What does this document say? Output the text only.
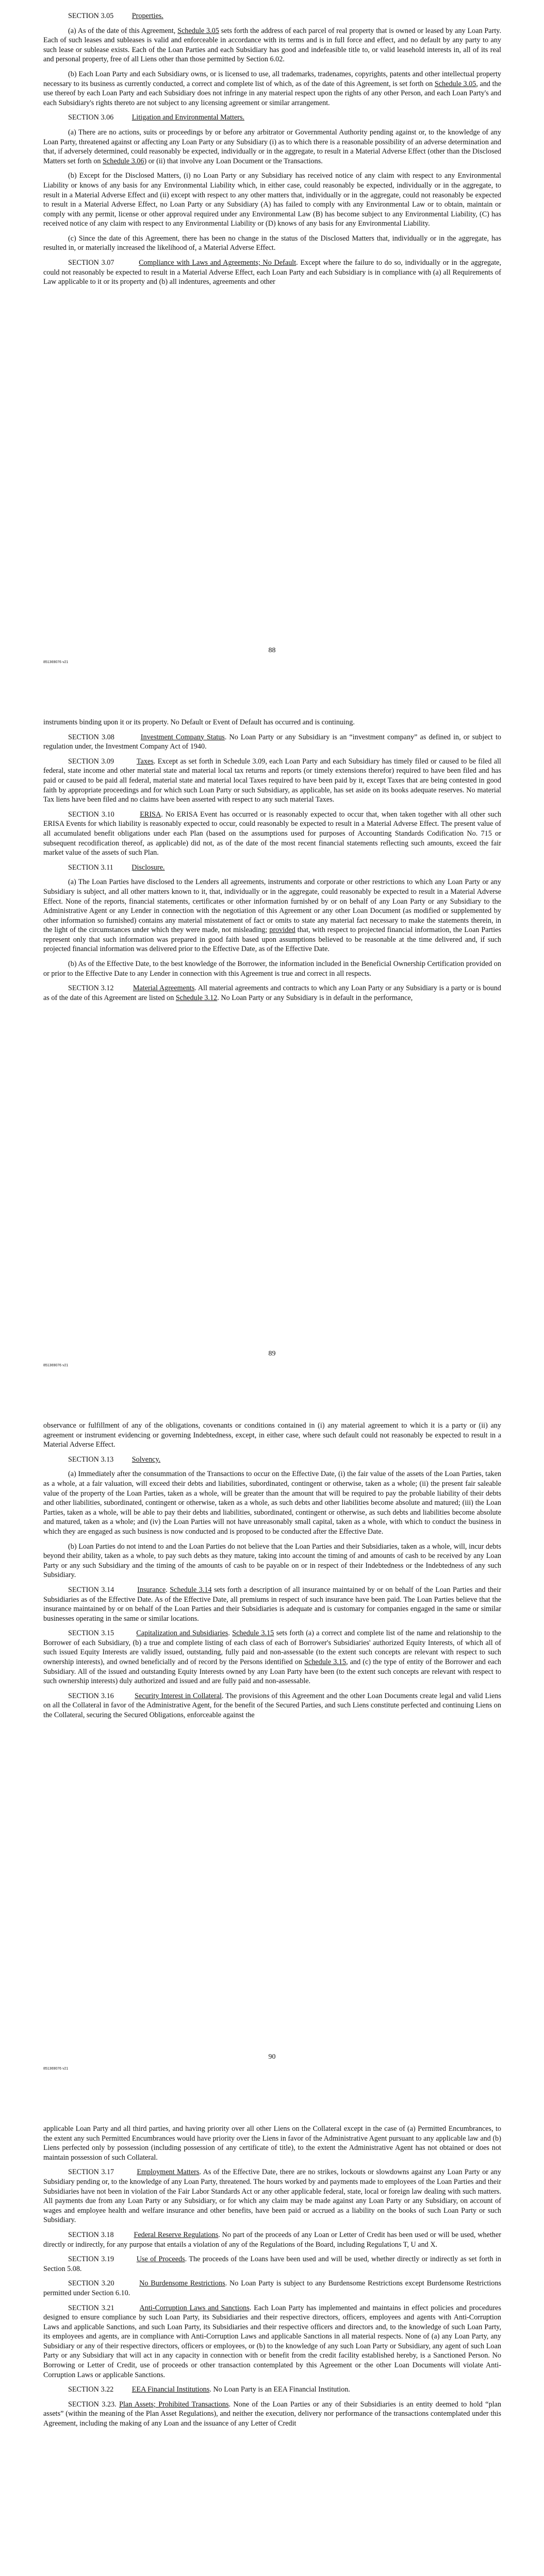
SECTION 3.05 Properties.

(a) As of the date of this Agreement, Schedule 3.05 sets forth the address of each parcel of real property that is owned or leased by any Loan Party. Each of such leases and subleases is valid and enforceable in accordance with its terms and is in full force and effect, and no default by any party to any such lease or sublease exists. Each of the Loan Parties and each Subsidiary has good and indefeasible title to, or valid leasehold interests in, all of its real and personal property, free of all Liens other than those permitted by Section 6.02.

(b) Each Loan Party and each Subsidiary owns, or is licensed to use, all trademarks, tradenames, copyrights, patents and other intellectual property necessary to its business as currently conducted, a correct and complete list of which, as of the date of this Agreement, is set forth on Schedule 3.05, and the use thereof by each Loan Party and each Subsidiary does not infringe in any material respect upon the rights of any other Person, and each Loan Party's and each Subsidiary's rights thereto are not subject to any licensing agreement or similar arrangement.

SECTION 3.06 Litigation and Environmental Matters.

(a) There are no actions, suits or proceedings by or before any arbitrator or Governmental Authority pending against or, to the knowledge of any Loan Party, threatened against or affecting any Loan Party or any Subsidiary (i) as to which there is a reasonable possibility of an adverse determination and that, if adversely determined, could reasonably be expected, individually or in the aggregate, to result in a Material Adverse Effect (other than the Disclosed Matters set forth on Schedule 3.06) or (ii) that involve any Loan Document or the Transactions.

(b) Except for the Disclosed Matters, (i) no Loan Party or any Subsidiary has received notice of any claim with respect to any Environmental Liability or knows of any basis for any Environmental Liability which, in either case, could reasonably be expected, individually or in the aggregate, to result in a Material Adverse Effect and (ii) except with respect to any other matters that, individually or in the aggregate, could not reasonably be expected to result in a Material Adverse Effect, no Loan Party or any Subsidiary (A) has failed to comply with any Environmental Law or to obtain, maintain or comply with any permit, license or other approval required under any Environmental Law (B) has become subject to any Environmental Liability, (C) has received notice of any claim with respect to any Environmental Liability or (D) knows of any basis for any Environmental Liability.

(c) Since the date of this Agreement, there has been no change in the status of the Disclosed Matters that, individually or in the aggregate, has resulted in, or materially increased the likelihood of, a Material Adverse Effect.

SECTION 3.07	Compliance with Laws and Agreements; No Default. Except where the failure to do so, individually or in the aggregate, could not reasonably be expected to result in a Material Adverse Effect, each Loan Party and each Subsidiary is in compliance with (a) all Requirements of Law applicable to it or its property and (b) all indentures, agreements and other

88
851369076 v21

instruments binding upon it or its property. No Default or Event of Default has occurred and is continuing.

SECTION 3.08	Investment Company Status. No Loan Party or any Subsidiary is an “investment company” as defined in, or subject to regulation under, the Investment Company Act of 1940.

SECTION 3.09	Taxes. Except as set forth in Schedule 3.09, each Loan Party and each Subsidiary has timely filed or caused to be filed all federal, state income and other material state and material local tax returns and reports (or timely extensions therefor) required to have been filed and has paid or caused to be paid all federal, material state and material local Taxes required to have been paid by it, except Taxes that are being contested in good faith by appropriate proceedings and for which such Loan Party or such Subsidiary, as applicable, has set aside on its books adequate reserves. No material Tax liens have been filed and no claims have been asserted with respect to any such material Taxes.

SECTION 3.10	ERISA. No ERISA Event has occurred or is reasonably expected to occur that, when taken together with all other such ERISA Events for which liability is reasonably expected to occur, could reasonably be expected to result in a Material Adverse Effect. The present value of all accumulated benefit obligations under each Plan (based on the assumptions used for purposes of Accounting Standards Codification No. 715 or subsequent recodification thereof, as applicable) did not, as of the date of the most recent financial statements reflecting such amounts, exceed the fair market value of the assets of such Plan.

SECTION 3.11 Disclosure.

(a) The Loan Parties have disclosed to the Lenders all agreements, instruments and corporate or other restrictions to which any Loan Party or any Subsidiary is subject, and all other matters known to it, that, individually or in the aggregate, could reasonably be expected to result in a Material Adverse Effect. None of the reports, financial statements, certificates or other information furnished by or on behalf of any Loan Party or any Subsidiary to the Administrative Agent or any Lender in connection with the negotiation of this Agreement or any other Loan Document (as modified or supplemented by other information so furnished) contains any material misstatement of fact or omits to state any material fact necessary to make the statements therein, in the light of the circumstances under which they were made, not misleading; provided that, with respect to projected financial information, the Loan Parties represent only that such information was prepared in good faith based upon assumptions believed to be reasonable at the time delivered and, if such projected financial information was delivered prior to the Effective Date, as of the Effective Date.

(b) As of the Effective Date, to the best knowledge of the Borrower, the information included in the Beneficial Ownership Certification provided on or prior to the Effective Date to any Lender in connection with this Agreement is true and correct in all respects.

SECTION 3.12	Material Agreements. All material agreements and contracts to which any Loan Party or any Subsidiary is a party or is bound as of the date of this Agreement are listed on Schedule 3.12. No Loan Party or any Subsidiary is in default in the performance,

89
851369076 v21

observance or fulfillment of any of the obligations, covenants or conditions contained in (i) any material agreement to which it is a party or (ii) any agreement or instrument evidencing or governing Indebtedness, except, in either case, where such default could not reasonably be expected to result in a Material Adverse Effect.

SECTION 3.13 Solvency.

(a) Immediately after the consummation of the Transactions to occur on the Effective Date, (i) the fair value of the assets of the Loan Parties, taken as a whole, at a fair valuation, will exceed their debts and liabilities, subordinated, contingent or otherwise, taken as a whole; (ii) the present fair saleable value of the property of the Loan Parties, taken as a whole, will be greater than the amount that will be required to pay the probable liability of their debts and other liabilities, subordinated, contingent or otherwise, taken as a whole, as such debts and other liabilities become absolute and matured; (iii) the Loan Parties, taken as a whole, will be able to pay their debts and liabilities, subordinated, contingent or otherwise, as such debts and liabilities become absolute and matured, taken as a whole; and (iv) the Loan Parties will not have unreasonably small capital, taken as a whole, with which to conduct the business in which they are engaged as such business is now conducted and is proposed to be conducted after the Effective Date.

(b) Loan Parties do not intend to and the Loan Parties do not believe that the Loan Parties and their Subsidiaries, taken as a whole, will, incur debts beyond their ability, taken as a whole, to pay such debts as they mature, taking into account the timing of and amounts of cash to be received by any Loan Party or any such Subsidiary and the timing of the amounts of cash to be payable on or in respect of their Indebtedness or the Indebtedness of any such Subsidiary.

SECTION 3.14	Insurance. Schedule 3.14 sets forth a description of all insurance maintained by or on behalf of the Loan Parties and their Subsidiaries as of the Effective Date. As of the Effective Date, all premiums in respect of such insurance have been paid. The Loan Parties believe that the insurance maintained by or on behalf of the Loan Parties and their Subsidiaries is adequate and is customary for companies engaged in the same or similar businesses operating in the same or similar locations.

SECTION 3.15	Capitalization and Subsidiaries. Schedule 3.15 sets forth (a) a correct and complete list of the name and relationship to the Borrower of each Subsidiary, (b) a true and complete listing of each class of each of Borrower's Subsidiaries' authorized Equity Interests, of which all of such issued Equity Interests are validly issued, outstanding, fully paid and non-assessable (to the extent such concepts are relevant with respect to such ownership interests), and owned beneficially and of record by the Persons identified on Schedule 3.15, and (c) the type of entity of the Borrower and each Subsidiary. All of the issued and outstanding Equity Interests owned by any Loan Party have been (to the extent such concepts are relevant with respect to such ownership interests) duly authorized and issued and are fully paid and non-assessable.

SECTION 3.16	Security Interest in Collateral. The provisions of this Agreement and the other Loan Documents create legal and valid Liens on all the Collateral in favor of the Administrative Agent, for the benefit of the Secured Parties, and such Liens constitute perfected and continuing Liens on the Collateral, securing the Secured Obligations, enforceable against the

90
851369076 v21

applicable Loan Party and all third parties, and having priority over all other Liens on the Collateral except in the case of (a) Permitted Encumbrances, to the extent any such Permitted Encumbrances would have priority over the Liens in favor of the Administrative Agent pursuant to any applicable law and (b) Liens perfected only by possession (including possession of any certificate of title), to the extent the Administrative Agent has not obtained or does not maintain possession of such Collateral.

SECTION 3.17	Employment Matters. As of the Effective Date, there are no strikes, lockouts or slowdowns against any Loan Party or any Subsidiary pending or, to the knowledge of any Loan Party, threatened. The hours worked by and payments made to employees of the Loan Parties and their Subsidiaries have not been in violation of the Fair Labor Standards Act or any other applicable federal, state, local or foreign law dealing with such matters. All payments due from any Loan Party or any Subsidiary, or for which any claim may be made against any Loan Party or any Subsidiary, on account of wages and employee health and welfare insurance and other benefits, have been paid or accrued as a liability on the books of such Loan Party or such Subsidiary.

SECTION 3.18	Federal Reserve Regulations. No part of the proceeds of any Loan or Letter of Credit has been used or will be used, whether directly or indirectly, for any purpose that entails a violation of any of the Regulations of the Board, including Regulations T, U and X.

SECTION 3.19	Use of Proceeds. The proceeds of the Loans have been used and will be used, whether directly or indirectly as set forth in Section 5.08.

SECTION 3.20	No Burdensome Restrictions. No Loan Party is subject to any Burdensome Restrictions except Burdensome Restrictions permitted under Section 6.10.

SECTION 3.21	Anti-Corruption Laws and Sanctions. Each Loan Party has implemented and maintains in effect policies and procedures designed to ensure compliance by such Loan Party, its Subsidiaries and their respective directors, officers, employees and agents with Anti-Corruption Laws and applicable Sanctions, and such Loan Party, its Subsidiaries and their respective officers and directors and, to the knowledge of such Loan Party, its employees and agents, are in compliance with Anti-Corruption Laws and applicable Sanctions in all material respects. None of (a) any Loan Party, any Subsidiary or any of their respective directors, officers or employees, or (b) to the knowledge of any such Loan Party or Subsidiary, any agent of such Loan Party or any Subsidiary that will act in any capacity in connection with or benefit from the credit facility established hereby, is a Sanctioned Person. No Borrowing or Letter of Credit, use of proceeds or other transaction contemplated by this Agreement or the other Loan Documents will violate Anti-Corruption Laws or applicable Sanctions.

SECTION 3.22 EEA Financial Institutions. No Loan Party is an EEA Financial Institution.

SECTION 3.23. Plan Assets; Prohibited Transactions. None of the Loan Parties or any of their Subsidiaries is an entity deemed to hold “plan assets” (within the meaning of the Plan Asset Regulations), and neither the execution, delivery nor performance of the transactions contemplated under this Agreement, including the making of any Loan and the issuance of any Letter of Credit
